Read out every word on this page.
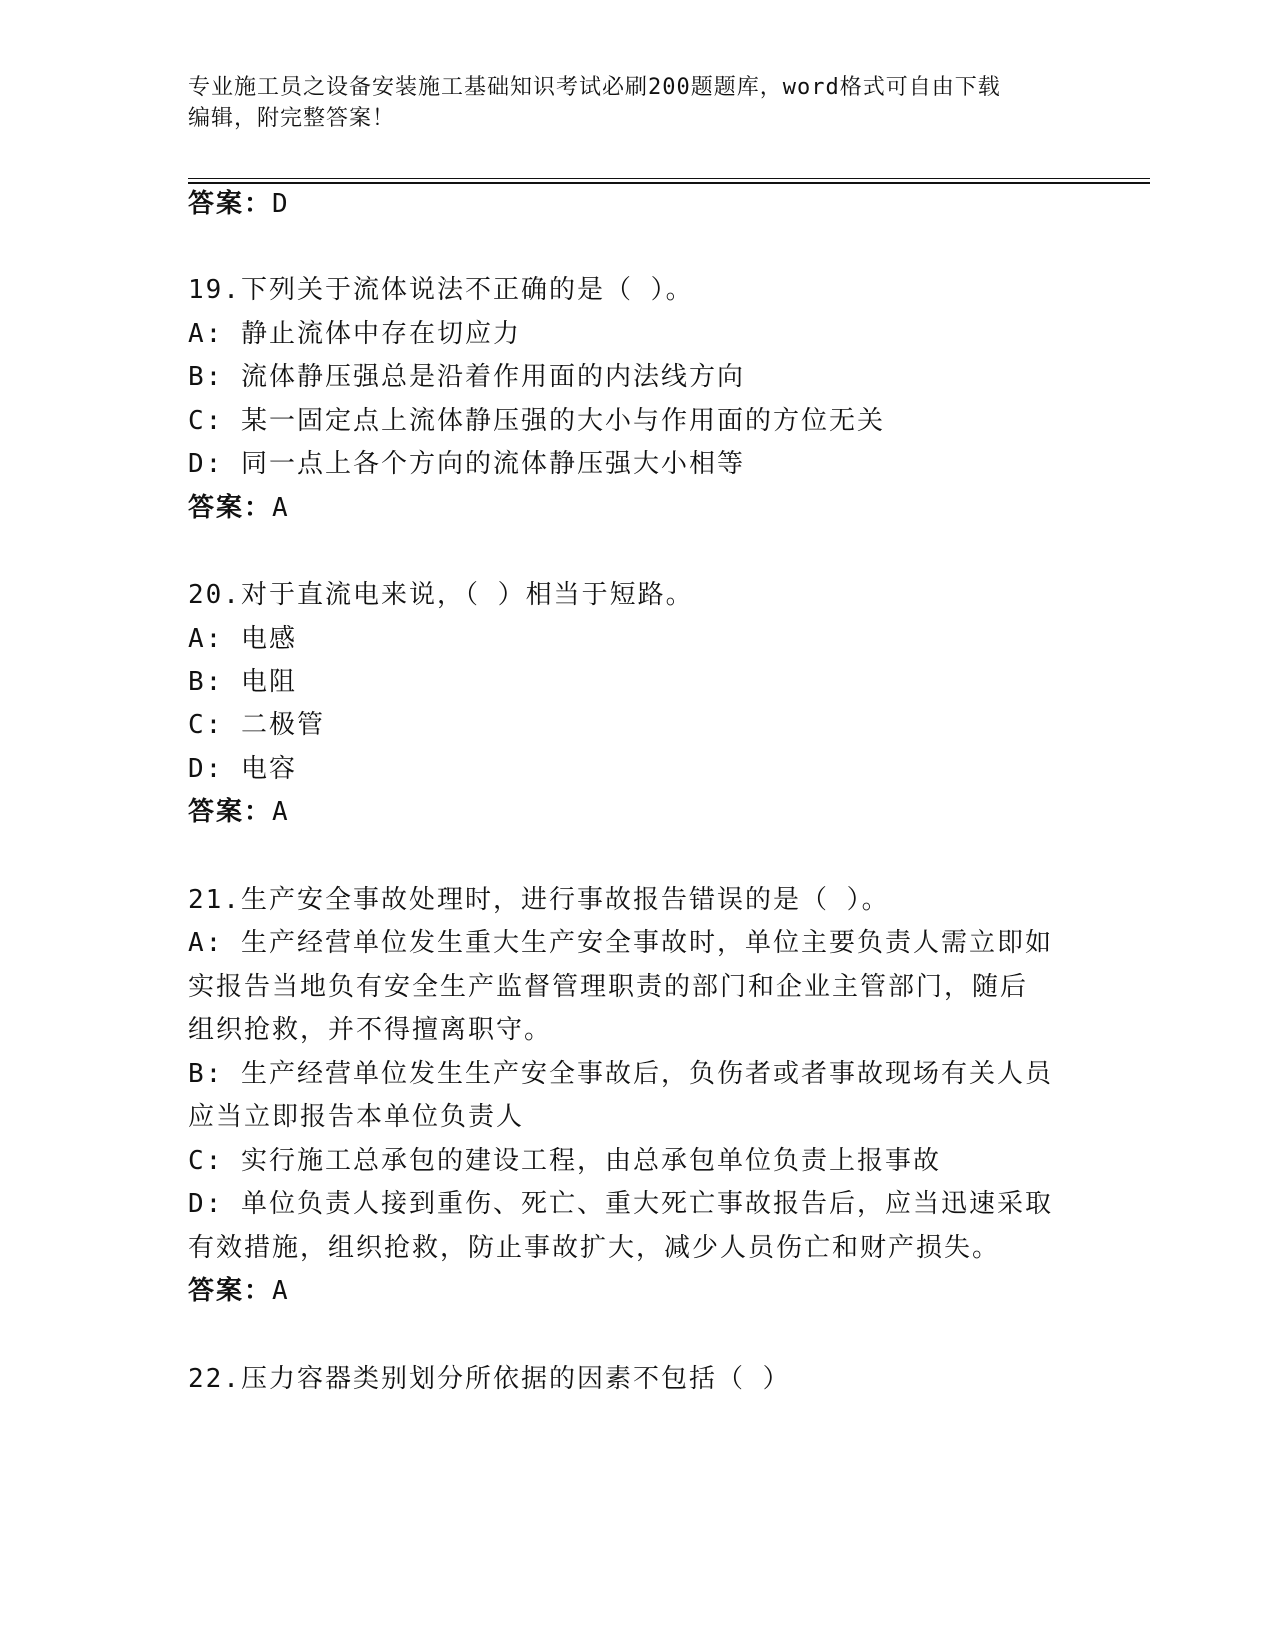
专业施工员之设备安装施工基础知识考试必刷200题题库，word格式可自由下载
编辑，附完整答案！
答案：D
19.下列关于流体说法不正确的是（ ）。
A: 静止流体中存在切应力
B: 流体静压强总是沿着作用面的内法线方向
C: 某一固定点上流体静压强的大小与作用面的方位无关
D: 同一点上各个方向的流体静压强大小相等
答案：A
20.对于直流电来说，（ ）相当于短路。
A: 电感
B: 电阻
C: 二极管
D: 电容
答案：A
21.生产安全事故处理时，进行事故报告错误的是（ ）。
A: 生产经营单位发生重大生产安全事故时，单位主要负责人需立即如
实报告当地负有安全生产监督管理职责的部门和企业主管部门，随后
组织抢救，并不得擅离职守。
B: 生产经营单位发生生产安全事故后，负伤者或者事故现场有关人员
应当立即报告本单位负责人
C: 实行施工总承包的建设工程，由总承包单位负责上报事故
D: 单位负责人接到重伤、死亡、重大死亡事故报告后，应当迅速采取
有效措施，组织抢救，防止事故扩大，减少人员伤亡和财产损失。
答案：A
22.压力容器类别划分所依据的因素不包括（ ）
